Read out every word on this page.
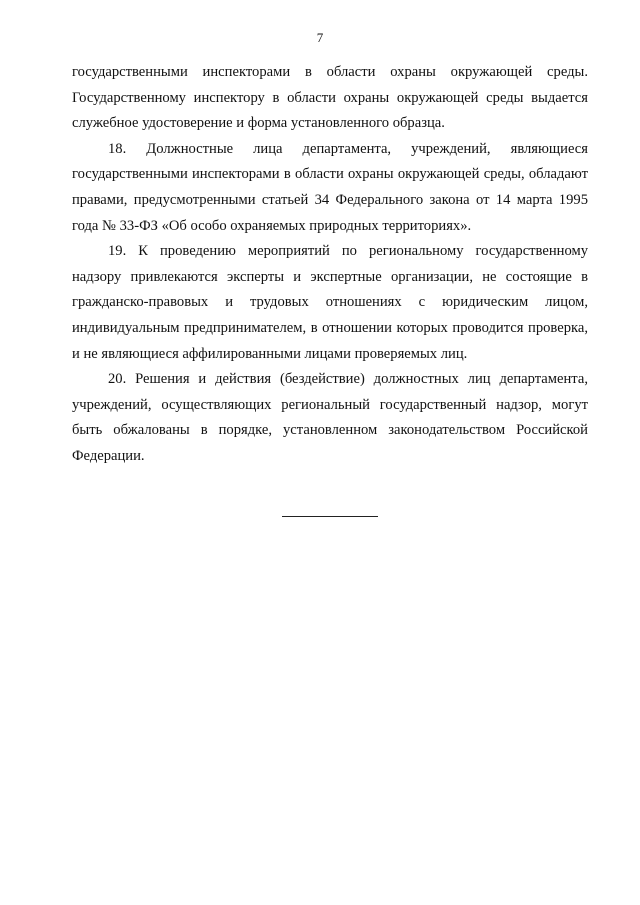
7

государственными инспекторами в области охраны окружающей среды. Государственному инспектору в области охраны окружающей среды выдается служебное удостоверение и форма установленного образца.

18. Должностные лица департамента, учреждений, являющиеся государственными инспекторами в области охраны окружающей среды, обладают правами, предусмотренными статьей 34 Федерального закона от 14 марта 1995 года № 33-ФЗ «Об особо охраняемых природных территориях».

19. К проведению мероприятий по региональному государственному надзору привлекаются эксперты и экспертные организации, не состоящие в гражданско-правовых и трудовых отношениях с юридическим лицом, индивидуальным предпринимателем, в отношении которых проводится проверка, и не являющиеся аффилированными лицами проверяемых лиц.

20. Решения и действия (бездействие) должностных лиц департамента, учреждений, осуществляющих региональный государственный надзор, могут быть обжалованы в порядке, установленном законодательством Российской Федерации.
